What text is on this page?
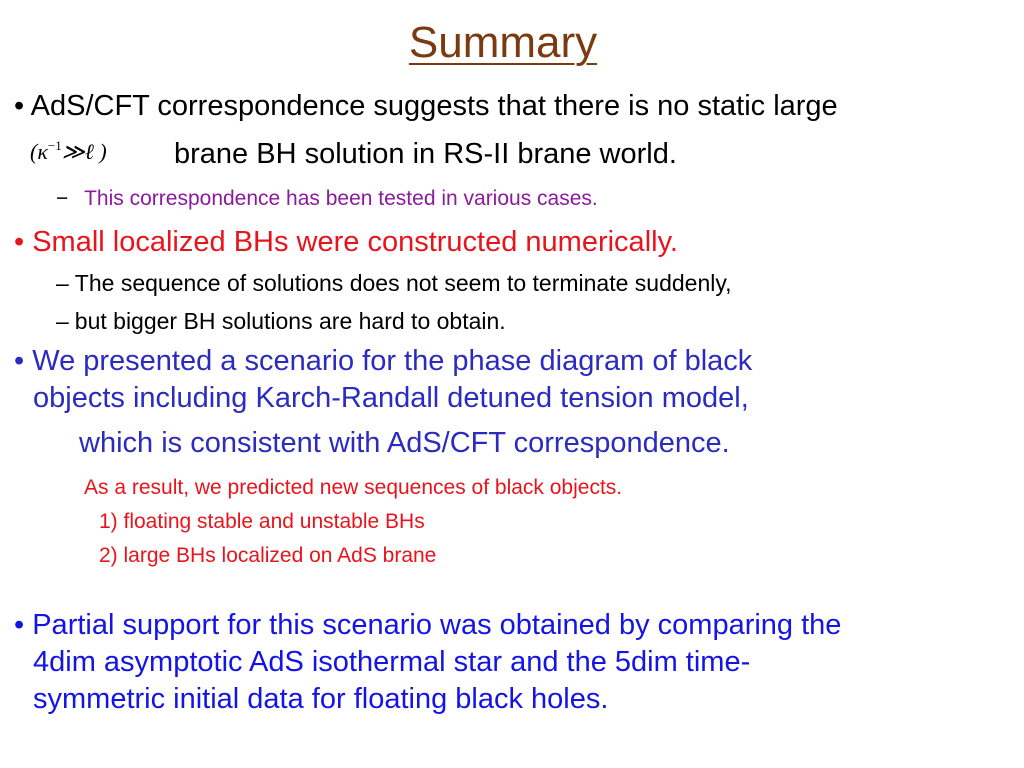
Summary
• AdS/CFT correspondence suggests that there is no static large
($\kappa^{-1}≫\ell$ ) brane BH solution in RS-II brane world.
− This correspondence has been tested in various cases.
• Small localized BHs were constructed numerically.
– The sequence of solutions does not seem to terminate suddenly,
– but bigger BH solutions are hard to obtain.
• We presented a scenario for the phase diagram of black
objects including Karch-Randall detuned tension model,
which is consistent with AdS/CFT correspondence.
As a result, we predicted new sequences of black objects.
1) floating stable and unstable BHs
2) large BHs localized on AdS brane
• Partial support for this scenario was obtained by comparing the
4dim asymptotic AdS isothermal star and the 5dim time-
symmetric initial data for floating black holes.
